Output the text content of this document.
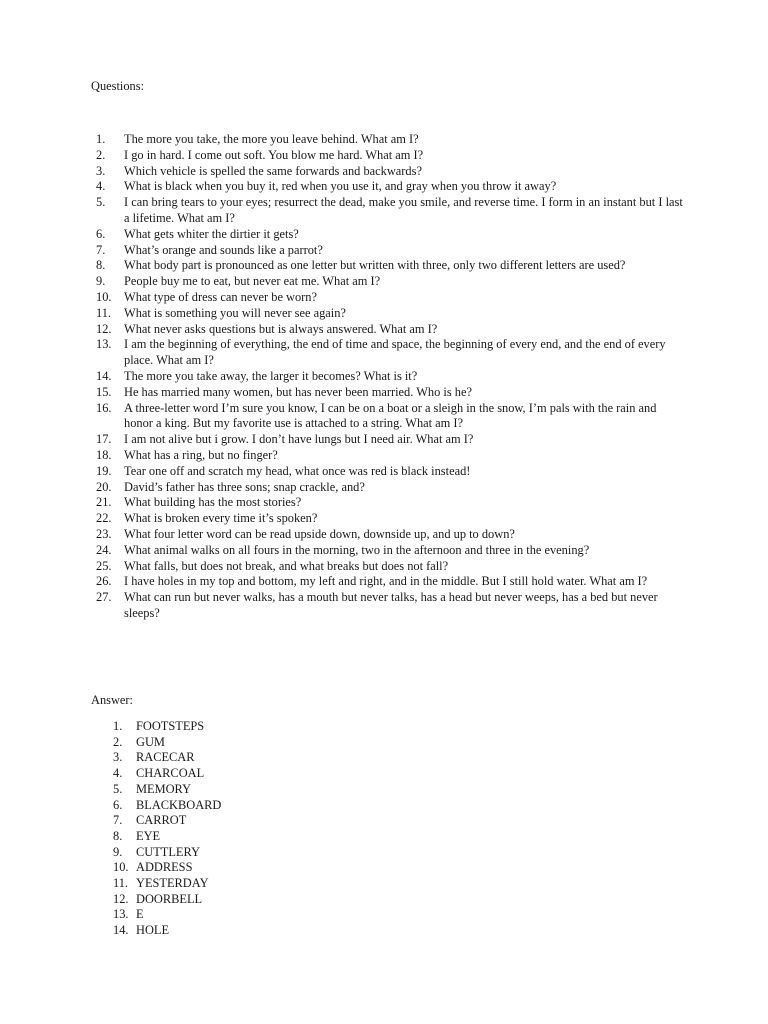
Questions:
1. The more you take, the more you leave behind. What am I?
2. I go in hard. I come out soft. You blow me hard. What am I?
3. Which vehicle is spelled the same forwards and backwards?
4. What is black when you buy it, red when you use it, and gray when you throw it away?
5. I can bring tears to your eyes; resurrect the dead, make you smile, and reverse time. I form in an instant but I last a lifetime. What am I?
6. What gets whiter the dirtier it gets?
7. What’s orange and sounds like a parrot?
8. What body part is pronounced as one letter but written with three, only two different letters are used?
9. People buy me to eat, but never eat me. What am I?
10. What type of dress can never be worn?
11. What is something you will never see again?
12. What never asks questions but is always answered. What am I?
13. I am the beginning of everything, the end of time and space, the beginning of every end, and the end of every place. What am I?
14. The more you take away, the larger it becomes? What is it?
15. He has married many women, but has never been married. Who is he?
16. A three-letter word I’m sure you know, I can be on a boat or a sleigh in the snow, I’m pals with the rain and honor a king. But my favorite use is attached to a string. What am I?
17. I am not alive but i grow. I don’t have lungs but I need air. What am I?
18. What has a ring, but no finger?
19. Tear one off and scratch my head, what once was red is black instead!
20. David’s father has three sons; snap crackle, and?
21. What building has the most stories?
22. What is broken every time it’s spoken?
23. What four letter word can be read upside down, downside up, and up to down?
24. What animal walks on all fours in the morning, two in the afternoon and three in the evening?
25. What falls, but does not break, and what breaks but does not fall?
26. I have holes in my top and bottom, my left and right, and in the middle. But I still hold water. What am I?
27. What can run but never walks, has a mouth but never talks, has a head but never weeps, has a bed but never sleeps?
Answer:
1. FOOTSTEPS
2. GUM
3. RACECAR
4. CHARCOAL
5. MEMORY
6. BLACKBOARD
7. CARROT
8. EYE
9. CUTTLERY
10. ADDRESS
11. YESTERDAY
12. DOORBELL
13. E
14. HOLE
